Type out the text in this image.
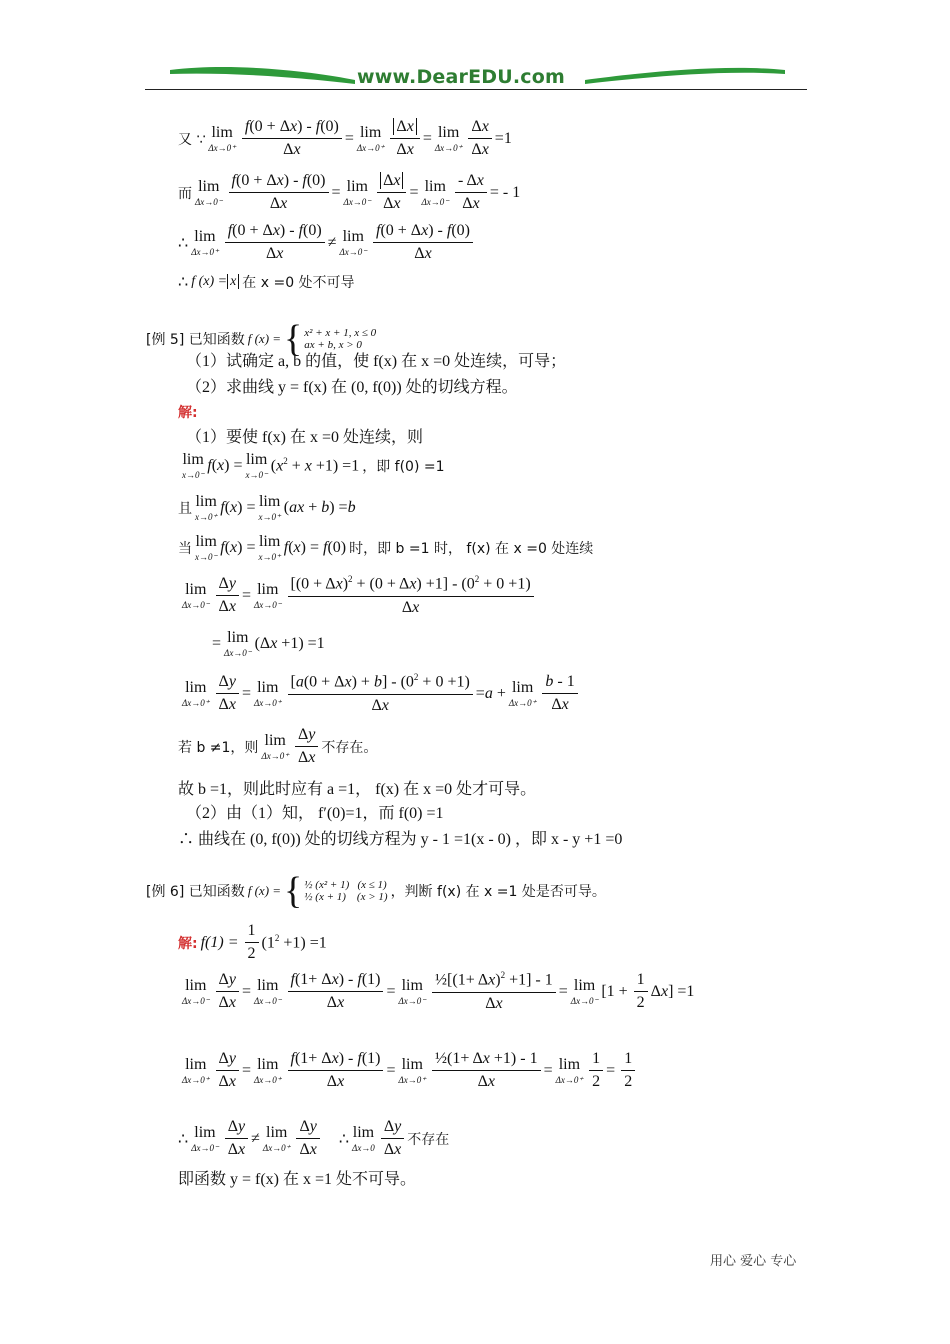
www.DearEDU.com
又 ∵ lim
$\Delta x\to 0^+ \frac{f(0 + \Delta x) - f(0)}{\Delta x} = \lim$
$\Delta x\to 0^+ \frac{\Delta x}{\Delta x} = \lim$
$\Delta x\to 0^+ \frac{\Delta x}{\Delta x} =1$
而 lim
$\Delta x\to 0^- \frac{f(0 + \Delta x) - f(0)}{\Delta x} = \lim$
$\Delta x\to 0^- \frac{\Delta x}{\Delta x} = \lim$
$\Delta x\to 0^- \frac{- \Delta x}{\Delta x}$ = - 1
∴ lim
$\Delta x\to 0^+ \frac{f(0 + \Delta x) - f(0)}{\Delta x} \ne \lim$
$\Delta x\to 0^- \frac{f(0 + \Delta x) - f(0)}{\Delta x}$
∴ f (x) = x 在 x =0 处不可导
[例 5] 已知函数 f (x) = { x² + x + 1, x ≤ 0
ax + b, x > 0
（1）试确定 a, b 的值，使 f(x) 在 x =0 处连续，可导；
（2）求曲线 y = f(x) 在 (0, f(0)) 处的切线方程。
解:
（1）要使 f(x) 在 x =0 处连续，则
lim
x→0⁻
f(x) = lim
x→0⁻
$(x^2 + x +1) =1$ ，即 f(0) =1
且 lim
x→0⁺
f(x) = lim
x→0⁺
(ax + b) =b
当 lim
x→0⁻
f(x) = lim
x→0⁺
f(x) = f(0) 时，即 b =1 时， f(x) 在 x =0 处连续
lim
$\Delta x\to 0^- \frac{\Delta y}{\Delta x} = \lim$
$\Delta x\to 0^- \frac{[(0 + \Delta x)^2 + (0 + \Delta x) +1] - (0^2 + 0 +1)}{\Delta x}$
= lim
Δx→0⁻
(Δx +1) =1
lim
$\Delta x\to 0^+ \frac{\Delta y}{\Delta x} = \lim$
$\Delta x\to 0^+ \frac{[a(0 + \Delta x) + b] - (0^2 + 0 +1)}{\Delta x} =a + \lim$
$\Delta x\to 0^+ \frac{b - 1}{\Delta x}$
若 b ≠1，则 lim
$\Delta x\to 0^+ \frac{\Delta y}{\Delta x}$ 不存在。
故 b =1，则此时应有 a =1， f(x) 在 x =0 处才可导。
（2）由（1）知， f′(0)=1，而 f(0) =1
∴ 曲线在 (0, f(0)) 处的切线方程为 y - 1 =1(x - 0) ，即 x - y +1 =0
[例 6] 已知函数 f (x) = { ½ (x² + 1)   (x ≤ 1)
½ (x + 1)    (x > 1) ，判断 f(x) 在 x =1 处是否可导。
解: $f(1) = \frac{1}{2} (1^2 +1) =1$
lim
$\Delta x\to 0^- \frac{\Delta y}{\Delta x} = \lim$
$\Delta x\to 0^- \frac{f(1+ \Delta x) - f(1)}{\Delta x} = \lim$
$\Delta x\to 0^- \frac{\frac{1}{2}[(1+ \Delta x)^2 +1] - 1}{\Delta x} = \lim$
Δx→0⁻
$[1 + \frac{1}{2} \Delta x] =1$
lim
$\Delta x\to 0^+ \frac{\Delta y}{\Delta x} = \lim$
$\Delta x\to 0^+ \frac{f(1+ \Delta x) - f(1)}{\Delta x} = \lim$
$\Delta x\to 0^+ \frac{\text{½(1+ Δx +1) - 1}}{\Delta x} = \lim$
$\Delta x\to 0^+ \frac{1}{2} = \frac{1}{2}$
∴ lim
$\Delta x\to 0^- \frac{\Delta y}{\Delta x} \ne \lim$
$\Delta x\to 0^+ \frac{\Delta y}{\Delta x}$ ∴ lim
$\Delta x\to 0 \frac{\Delta y}{\Delta x}$ 不存在
即函数 y = f(x) 在 x =1 处不可导。
用心 爱心 专心
